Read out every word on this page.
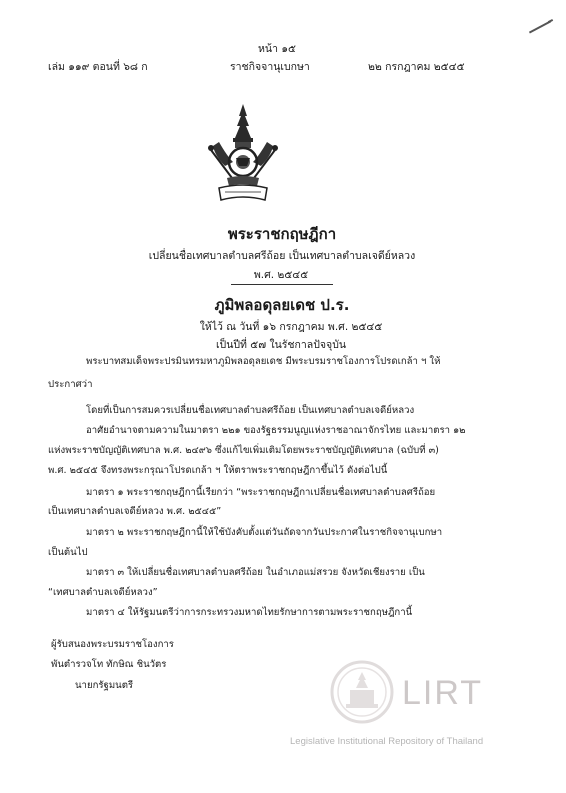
หน้า ๑๕
เล่ม ๑๑๙ ตอนที่ ๖๘ ก	ราชกิจจานุเบกษา	๒๒ กรกฎาคม ๒๕๔๕
พระราชกฤษฎีกา
เปลี่ยนชื่อเทศบาลตำบลศรีถ้อย เป็นเทศบาลตำบลเจดีย์หลวง
พ.ศ. ๒๕๔๕
ภูมิพลอดุลยเดช ป.ร.
ให้ไว้ ณ วันที่ ๑๖ กรกฎาคม พ.ศ. ๒๕๔๕
เป็นปีที่ ๕๗ ในรัชกาลปัจจุบัน
พระบาทสมเด็จพระปรมินทรมหาภูมิพลอดุลยเดช มีพระบรมราชโองการโปรดเกล้า ฯ ให้
ประกาศว่า
โดยที่เป็นการสมควรเปลี่ยนชื่อเทศบาลตำบลศรีถ้อย เป็นเทศบาลตำบลเจดีย์หลวง
อาศัยอำนาจตามความในมาตรา ๒๒๑ ของรัฐธรรมนูญแห่งราชอาณาจักรไทย และมาตรา ๑๒
แห่งพระราชบัญญัติเทศบาล พ.ศ. ๒๔๙๖ ซึ่งแก้ไขเพิ่มเติมโดยพระราชบัญญัติเทศบาล (ฉบับที่ ๓)
พ.ศ. ๒๕๔๕ จึงทรงพระกรุณาโปรดเกล้า ฯ ให้ตราพระราชกฤษฎีกาขึ้นไว้ ดังต่อไปนี้
มาตรา ๑ พระราชกฤษฎีกานี้เรียกว่า “พระราชกฤษฎีกาเปลี่ยนชื่อเทศบาลตำบลศรีถ้อย
เป็นเทศบาลตำบลเจดีย์หลวง พ.ศ. ๒๕๔๕”
มาตรา ๒ พระราชกฤษฎีกานี้ให้ใช้บังคับตั้งแต่วันถัดจากวันประกาศในราชกิจจานุเบกษา
เป็นต้นไป
มาตรา ๓ ให้เปลี่ยนชื่อเทศบาลตำบลศรีถ้อย ในอำเภอแม่สรวย จังหวัดเชียงราย เป็น
“เทศบาลตำบลเจดีย์หลวง”
มาตรา ๔ ให้รัฐมนตรีว่าการกระทรวงมหาดไทยรักษาการตามพระราชกฤษฎีกานี้
ผู้รับสนองพระบรมราชโองการ
พันตำรวจโท ทักษิณ ชินวัตร
นายกรัฐมนตรี	LIRT
Legislative Institutional Repository of Thailand
